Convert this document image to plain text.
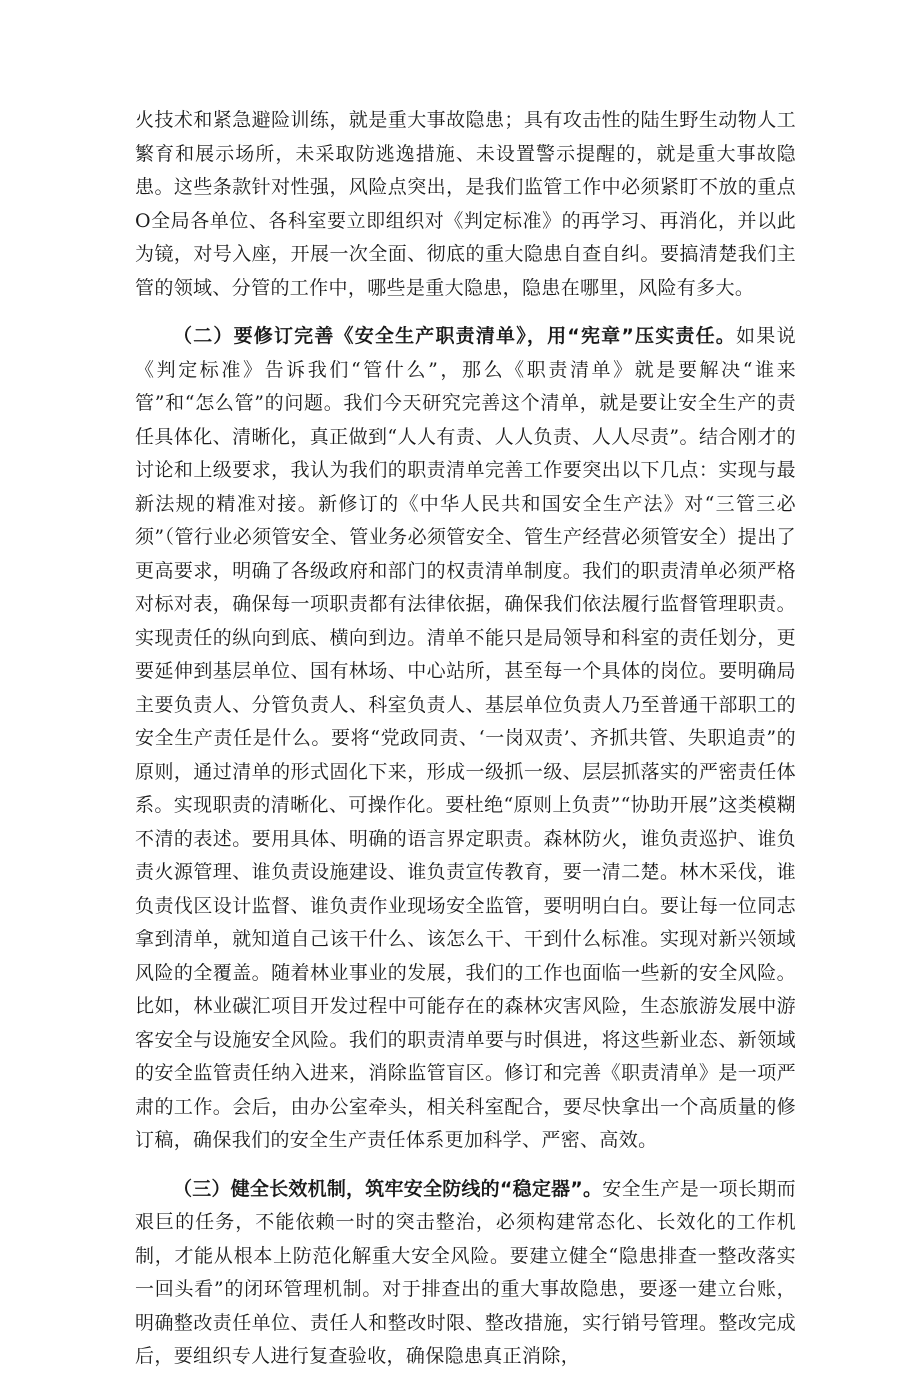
火技术和紧急避险训练，就是重大事故隐患；具有攻击性的陆生野生动物人工繁育和展示场所，未采取防逃逸措施、未设置警示提醒的，就是重大事故隐患。这些条款针对性强，风险点突出，是我们监管工作中必须紧盯不放的重点O全局各单位、各科室要立即组织对《判定标准》的再学习、再消化，并以此为镜，对号入座，开展一次全面、彻底的重大隐患自查自纠。要搞清楚我们主管的领域、分管的工作中，哪些是重大隐患，隐患在哪里，风险有多大。

（二）要修订完善《安全生产职责清单》，用“宪章”压实责任。如果说《判定标准》告诉我们“管什么”，那么《职责清单》就是要解决“谁来管”和“怎么管”的问题。我们今天研究完善这个清单，就是要让安全生产的责任具体化、清晰化，真正做到“人人有责、人人负责、人人尽责”。结合刚才的讨论和上级要求，我认为我们的职责清单完善工作要突出以下几点：实现与最新法规的精准对接。新修订的《中华人民共和国安全生产法》对“三管三必须”（管行业必须管安全、管业务必须管安全、管生产经营必须管安全）提出了更高要求，明确了各级政府和部门的权责清单制度。我们的职责清单必须严格对标对表，确保每一项职责都有法律依据，确保我们依法履行监督管理职责。实现责任的纵向到底、横向到边。清单不能只是局领导和科室的责任划分，更要延伸到基层单位、国有林场、中心站所，甚至每一个具体的岗位。要明确局主要负责人、分管负责人、科室负责人、基层单位负责人乃至普通干部职工的安全生产责任是什么。要将“党政同责、‘一岗双责’、齐抓共管、失职追责”的原则，通过清单的形式固化下来，形成一级抓一级、层层抓落实的严密责任体系。实现职责的清晰化、可操作化。要杜绝“原则上负责”“协助开展”这类模糊不清的表述。要用具体、明确的语言界定职责。森林防火，谁负责巡护、谁负责火源管理、谁负责设施建设、谁负责宣传教育，要一清二楚。林木采伐，谁负责伐区设计监督、谁负责作业现场安全监管，要明明白白。要让每一位同志拿到清单，就知道自己该干什么、该怎么干、干到什么标准。实现对新兴领域风险的全覆盖。随着林业事业的发展，我们的工作也面临一些新的安全风险。比如，林业碳汇项目开发过程中可能存在的森林灾害风险，生态旅游发展中游客安全与设施安全风险。我们的职责清单要与时俱进，将这些新业态、新领域的安全监管责任纳入进来，消除监管盲区。修订和完善《职责清单》是一项严肃的工作。会后，由办公室牵头，相关科室配合，要尽快拿出一个高质量的修订稿，确保我们的安全生产责任体系更加科学、严密、高效。

（三）健全长效机制，筑牢安全防线的“稳定器”。安全生产是一项长期而艰巨的任务，不能依赖一时的突击整治，必须构建常态化、长效化的工作机制，才能从根本上防范化解重大安全风险。要建立健全“隐患排查一整改落实一回头看”的闭环管理机制。对于排查出的重大事故隐患，要逐一建立台账，明确整改责任单位、责任人和整改时限、整改措施，实行销号管理。整改完成后，要组织专人进行复查验收，确保隐患真正消除，
